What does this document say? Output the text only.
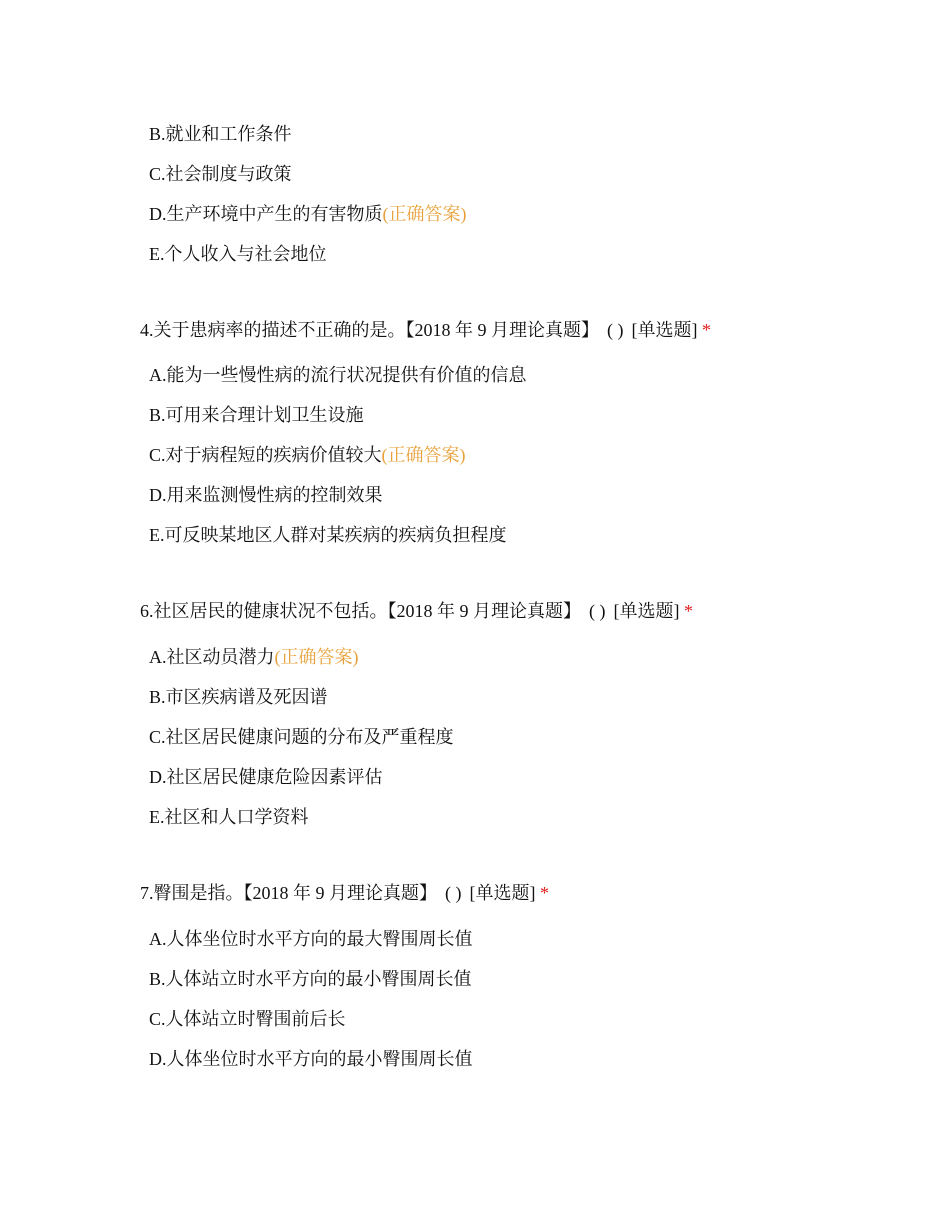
B.就业和工作条件
C.社会制度与政策
D.生产环境中产生的有害物质(正确答案)
E.个人收入与社会地位
4.关于患病率的描述不正确的是。【2018 年 9 月理论真题】 ( ) [单选题] *
A.能为一些慢性病的流行状况提供有价值的信息
B.可用来合理计划卫生设施
C.对于病程短的疾病价值较大(正确答案)
D.用来监测慢性病的控制效果
E.可反映某地区人群对某疾病的疾病负担程度
6.社区居民的健康状况不包括。【2018 年 9 月理论真题】 ( ) [单选题] *
A.社区动员潜力(正确答案)
B.市区疾病谱及死因谱
C.社区居民健康问题的分布及严重程度
D.社区居民健康危险因素评估
E.社区和人口学资料
7.臀围是指。【2018 年 9 月理论真题】 ( ) [单选题] *
A.人体坐位时水平方向的最大臀围周长值
B.人体站立时水平方向的最小臀围周长值
C.人体站立时臀围前后长
D.人体坐位时水平方向的最小臀围周长值
